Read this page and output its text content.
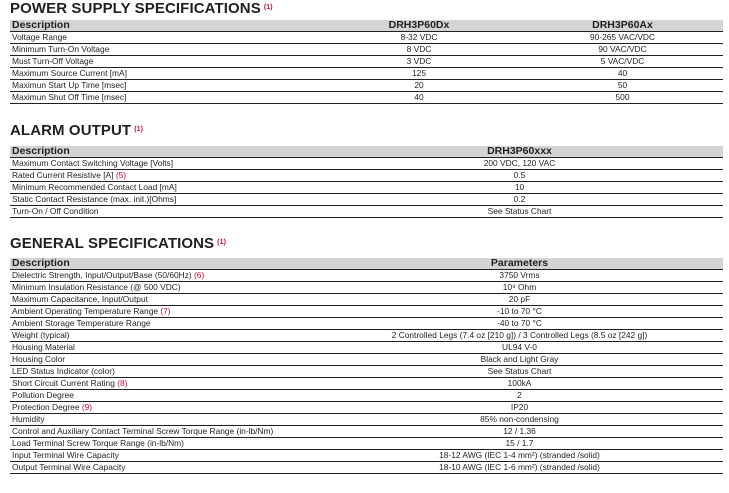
POWER SUPPLY SPECIFICATIONS $^{(1)}$
Description	DRH3P60Dx	DRH3P60Ax
Voltage Range	8-32 VDC	90-265 VAC/VDC
Minimum Turn-On Voltage	8 VDC	90 VAC/VDC
Must Turn-Off Voltage	3 VDC	5 VAC/VDC
Maximum Source Current [mA]	125	40
Maximun Start Up Time [msec]	20	50
Maximun Shut Off Time [msec]	40	500
ALARM OUTPUT $^{(1)}$
Description	DRH3P60xxx
Maximum Contact Switching Voltage [Volts]	200 VDC, 120 VAC
Rated Current Resistive [A] (5)	0.5
Minimum Recommended Contact Load [mA]	10
Static Contact Resistance (max. init.)[Ohms]	0.2
Turn-On / Off Condition	See Status Chart
GENERAL SPECIFICATIONS $^{(1)}$
Description	Parameters
Dielectric Strength, Input/Output/Base (50/60Hz) (6)	3750 Vrms
Minimum Insulation Resistance (@ 500 VDC)	10⁹ Ohm
Maximum Capacitance, Input/Output	20 pF
Ambient Operating Temperature Range (7)	-10 to 70 °C
Ambient Storage Temperature Range	-40 to 70 °C
Weight (typical)	2 Controlled Legs (7.4 oz [210 g]) / 3 Controlled Legs (8.5 oz [242 g])
Housing Material	UL94 V-0
Housing Color	Black and Light Gray
LED Status Indicator (color)	See Status Chart
Short Circuit Current Rating (8)	100kA
Pollution Degree	2
Protection Degree (9)	IP20
Humidity	85% non-condensing
Control and Auxiliary Contact Terminal Screw Torque Range (in-lb/Nm)	12 / 1.36
Load Terminal Screw Torque Range (in-lb/Nm)	15 / 1.7
Input Terminal Wire Capacity	18-12 AWG (IEC 1-4 mm²) (stranded /solid)
Output Terminal Wire Capacity	18-10 AWG (IEC 1-6 mm²) (stranded /solid)
